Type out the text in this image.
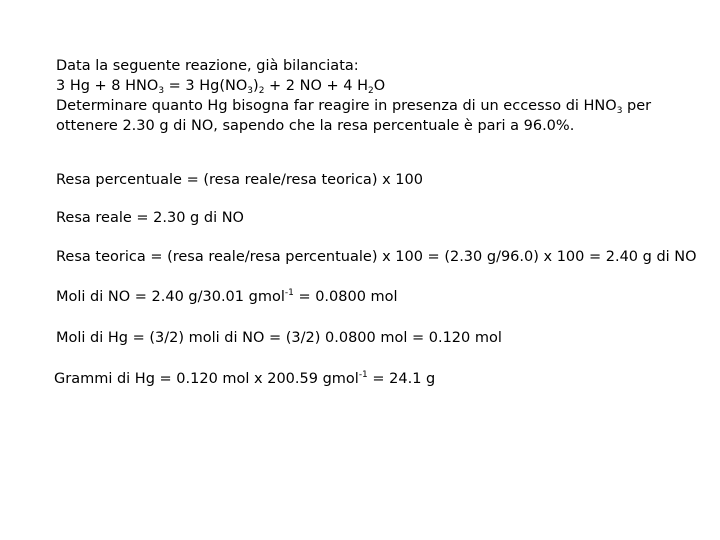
Data la seguente reazione, già bilanciata:
3 Hg + 8 $HNO_3 = 3$ $Hg(NO_3)_2 + 2$ NO + 4 $H_2O$
Determinare quanto Hg bisogna far reagire in presenza di un eccesso di $HNO_3$ per
ottenere 2.30 g di NO, sapendo che la resa percentuale è pari a 96.0%.
Resa percentuale = (resa reale/resa teorica) x 100
Resa reale = 2.30 g di NO
Resa teorica = (resa reale/resa percentuale) x 100 = (2.30 g/96.0) x 100 = 2.40 g di NO
Moli di NO = 2.40 g/30.01 gmol$^{-1}$ = 0.0800 mol
Moli di Hg = (3/2) moli di NO = (3/2) 0.0800 mol = 0.120 mol
Grammi di Hg = 0.120 mol x 200.59 gmol$^{-1}$ = 24.1 g
